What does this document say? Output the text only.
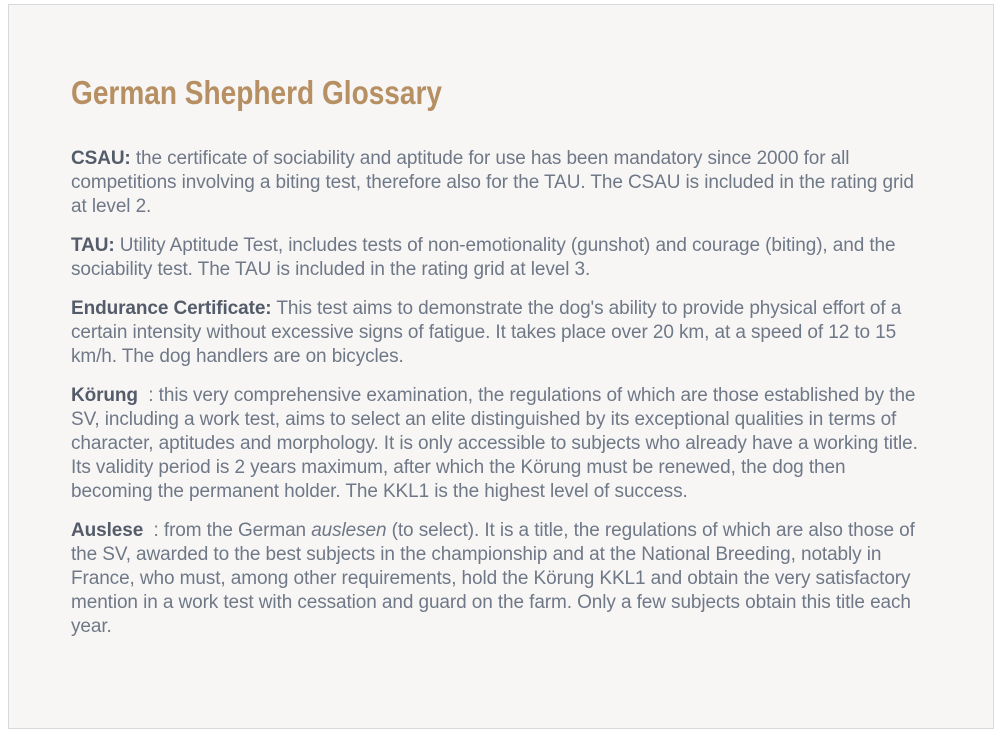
German Shepherd Glossary

CSAU: the certificate of sociability and aptitude for use has been mandatory since 2000 for all competitions involving a biting test, therefore also for the TAU. The CSAU is included in the rating grid at level 2.

TAU: Utility Aptitude Test, includes tests of non-emotionality (gunshot) and courage (biting), and the sociability test. The TAU is included in the rating grid at level 3.

Endurance Certificate: This test aims to demonstrate the dog's ability to provide physical effort of a certain intensity without excessive signs of fatigue. It takes place over 20 km, at a speed of 12 to 15 km/h. The dog handlers are on bicycles.

Körung  : this very comprehensive examination, the regulations of which are those established by the SV, including a work test, aims to select an elite distinguished by its exceptional qualities in terms of character, aptitudes and morphology. It is only accessible to subjects who already have a working title. Its validity period is 2 years maximum, after which the Körung must be renewed, the dog then becoming the permanent holder. The KKL1 is the highest level of success.

Auslese  : from the German auslesen (to select). It is a title, the regulations of which are also those of the SV, awarded to the best subjects in the championship and at the National Breeding, notably in France, who must, among other requirements, hold the Körung KKL1 and obtain the very satisfactory mention in a work test with cessation and guard on the farm. Only a few subjects obtain this title each year.
